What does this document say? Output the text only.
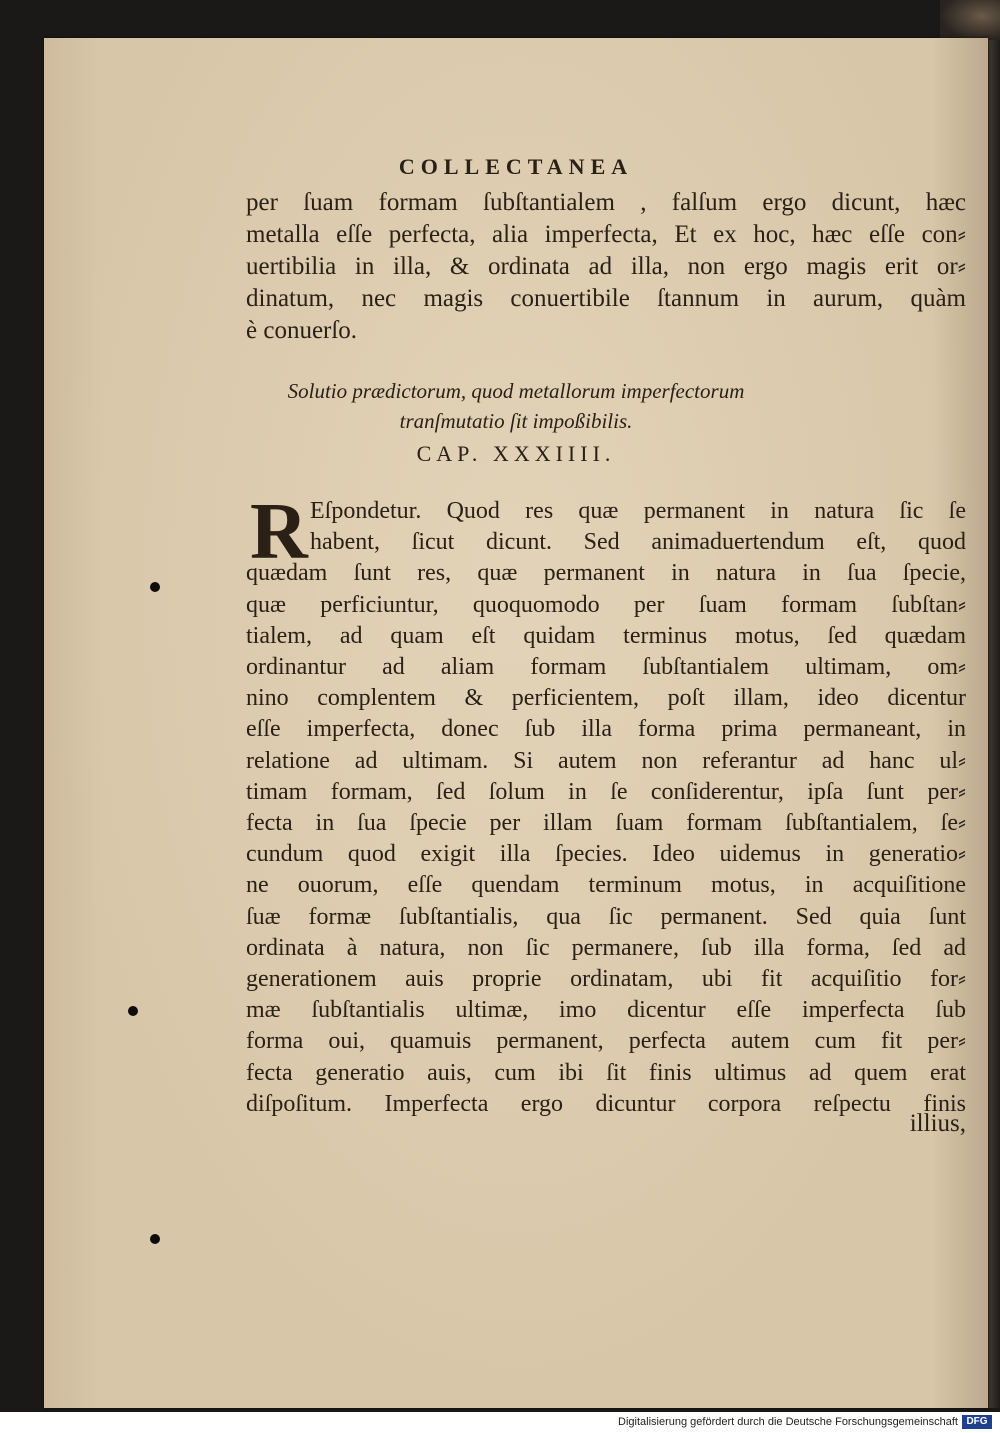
COLLECTANEA
per ſuam formam ſubſtantialem , falſum ergo dicunt, hæc
metalla eſſe perfecta, alia imperfecta, Et ex hoc, hæc eſſe con⸗
uertibilia in illa, & ordinata ad illa, non ergo magis erit or⸗
dinatum, nec magis conuertibile ſtannum in aurum, quàm
è conuerſo.
Solutio prædictorum, quod metallorum imperfectorum
tranſmutatio ſit impoßibilis.
CAP. XXXIIII.
R Eſpondetur. Quod res quæ permanent in natura ſic ſe
habent, ſicut dicunt. Sed animaduertendum eſt, quod
quædam ſunt res, quæ permanent in natura in ſua ſpecie,
quæ perficiuntur, quoquomodo per ſuam formam ſubſtan⸗
tialem, ad quam eſt quidam terminus motus, ſed quædam
ordinantur ad aliam formam ſubſtantialem ultimam, om⸗
nino complentem & perficientem, poſt illam, ideo dicentur
eſſe imperfecta, donec ſub illa forma prima permaneant, in
relatione ad ultimam. Si autem non referantur ad hanc ul⸗
timam formam, ſed ſolum in ſe conſiderentur, ipſa ſunt per⸗
fecta in ſua ſpecie per illam ſuam formam ſubſtantialem, ſe⸗
cundum quod exigit illa ſpecies. Ideo uidemus in generatio⸗
ne ouorum, eſſe quendam terminum motus, in acquiſitione
ſuæ formæ ſubſtantialis, qua ſic permanent. Sed quia ſunt
ordinata à natura, non ſic permanere, ſub illa forma, ſed ad
generationem auis proprie ordinatam, ubi fit acquiſitio for⸗
mæ ſubſtantialis ultimæ, imo dicentur eſſe imperfecta ſub
forma oui, quamuis permanent, perfecta autem cum fit per⸗
fecta generatio auis, cum ibi ſit finis ultimus ad quem erat
diſpoſitum. Imperfecta ergo dicuntur corpora reſpectu finis
illius,
Digitalisierung gefördert durch die Deutsche Forschungsgemeinschaft DFG
